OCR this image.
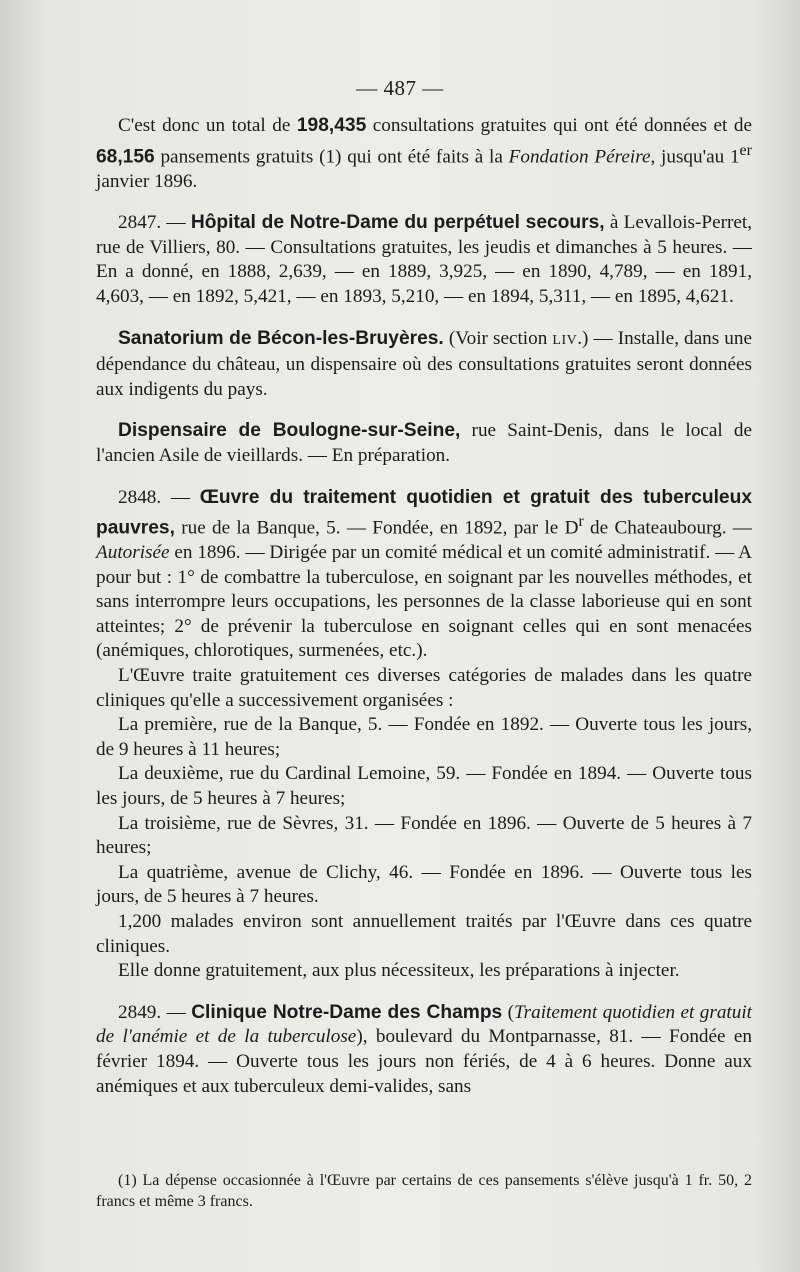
— 487 —

C'est donc un total de 198,435 consultations gratuites qui ont été données et de 68,156 pansements gratuits (1) qui ont été faits à la Fondation Péreire, jusqu'au 1er janvier 1896.

2847. — Hôpital de Notre-Dame du perpétuel secours, à Levallois-Perret, rue de Villiers, 80. — Consultations gratuites, les jeudis et dimanches à 5 heures. — En a donné, en 1888, 2,639, — en 1889, 3,925, — en 1890, 4,789, — en 1891, 4,603, — en 1892, 5,421, — en 1893, 5,210, — en 1894, 5,311, — en 1895, 4,621.

Sanatorium de Bécon-les-Bruyères. (Voir section LIV.) — Installe, dans une dépendance du château, un dispensaire où des consultations gratuites seront données aux indigents du pays.

Dispensaire de Boulogne-sur-Seine, rue Saint-Denis, dans le local de l'ancien Asile de vieillards. — En préparation.

2848. — Œuvre du traitement quotidien et gratuit des tuberculeux pauvres, rue de la Banque, 5. — Fondée, en 1892, par le $D^r$ de Chateaubourg. — Autorisée en 1896. — Dirigée par un comité médical et un comité administratif. — A pour but : 1° de combattre la tuberculose, en soignant par les nouvelles méthodes, et sans interrompre leurs occupations, les personnes de la classe laborieuse qui en sont atteintes; 2° de prévenir la tuberculose en soignant celles qui en sont menacées (anémiques, chlorotiques, surmenées, etc.).

L'Œuvre traite gratuitement ces diverses catégories de malades dans les quatre cliniques qu'elle a successivement organisées :

La première, rue de la Banque, 5. — Fondée en 1892. — Ouverte tous les jours, de 9 heures à 11 heures;

La deuxième, rue du Cardinal Lemoine, 59. — Fondée en 1894. — Ouverte tous les jours, de 5 heures à 7 heures;

La troisième, rue de Sèvres, 31. — Fondée en 1896. — Ouverte de 5 heures à 7 heures;

La quatrième, avenue de Clichy, 46. — Fondée en 1896. — Ouverte tous les jours, de 5 heures à 7 heures.

1,200 malades environ sont annuellement traités par l'Œuvre dans ces quatre cliniques.

Elle donne gratuitement, aux plus nécessiteux, les préparations à injecter.

2849. — Clinique Notre-Dame des Champs (Traitement quotidien et gratuit de l'anémie et de la tuberculose), boulevard du Montparnasse, 81. — Fondée en février 1894. — Ouverte tous les jours non fériés, de 4 à 6 heures. Donne aux anémiques et aux tuberculeux demi-valides, sans

(1) La dépense occasionnée à l'Œuvre par certains de ces pansements s'élève jusqu'à 1 fr. 50, 2 francs et même 3 francs.
